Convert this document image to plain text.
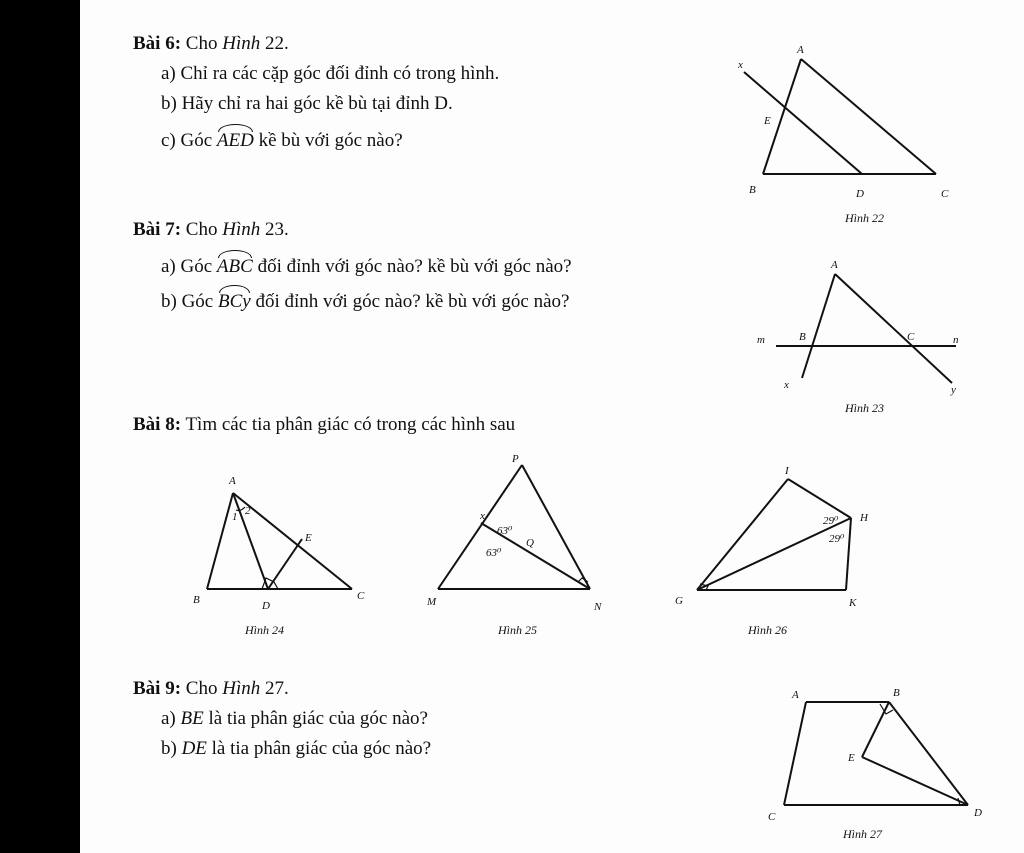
Bài 6: Cho Hình 22.
a) Chỉ ra các cặp góc đối đỉnh có trong hình.
b) Hãy chỉ ra hai góc kề bù tại đỉnh D.
c) Góc AED kề bù với góc nào?
Bài 7: Cho Hình 23.
a) Góc ABC đối đỉnh với góc nào? kề bù với góc nào?
b) Góc BCy đối đỉnh với góc nào? kề bù với góc nào?
Bài 8: Tìm các tia phân giác có trong các hình sau
Bài 9: Cho Hình 27.
a) BE là tia phân giác của góc nào?
b) DE là tia phân giác của góc nào?
A
x
E
B	D	C
Hình 22
A
m	B	C	n
x	y
Hình 23
A
1 2
E
B	D
C
Hình 24
P
x
Q
M	N
63⁰
63⁰
Hình 25
I
H
G	K
29⁰
29⁰
Hình 26
A	B
E
C	D
Hình 27
